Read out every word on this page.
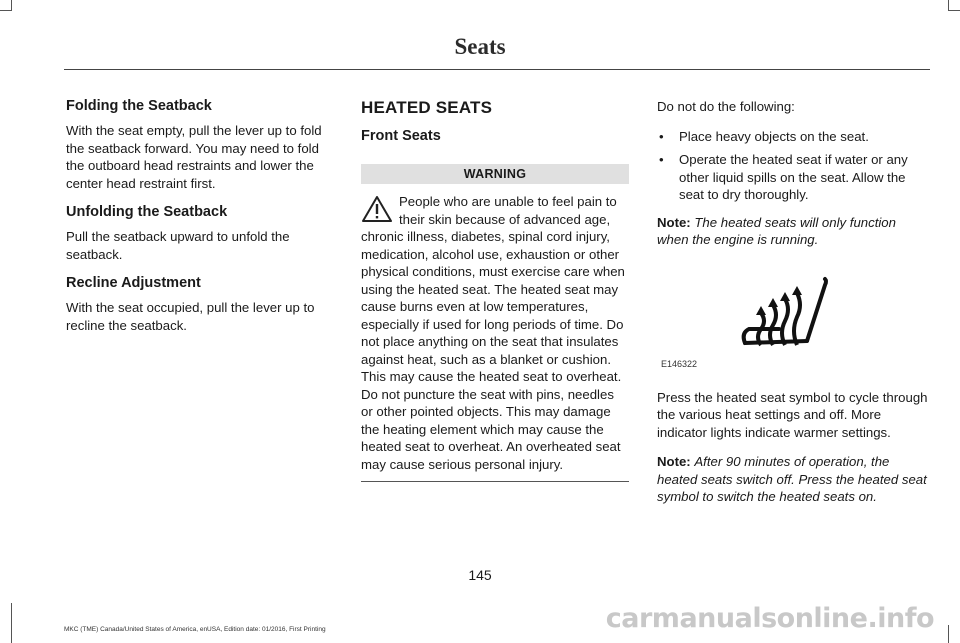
Seats
Folding the Seatback

With the seat empty, pull the lever up to fold the seatback forward. You may need to fold the outboard head restraints and lower the center head restraint first.

Unfolding the Seatback

Pull the seatback upward to unfold the seatback.

Recline Adjustment

With the seat occupied, pull the lever up to recline the seatback.

HEATED SEATS
Front Seats
WARNING
People who are unable to feel pain to their skin because of advanced age, chronic illness, diabetes, spinal cord injury, medication, alcohol use, exhaustion or other physical conditions, must exercise care when using the heated seat. The heated seat may cause burns even at low temperatures, especially if used for long periods of time. Do not place anything on the seat that insulates against heat, such as a blanket or cushion. This may cause the heated seat to overheat. Do not puncture the seat with pins, needles or other pointed objects. This may damage the heating element which may cause the heated seat to overheat. An overheated seat may cause serious personal injury.

Do not do the following:

• Place heavy objects on the seat.
• Operate the heated seat if water or any other liquid spills on the seat. Allow the seat to dry thoroughly.

Note: The heated seats will only function when the engine is running.

E146322

Press the heated seat symbol to cycle through the various heat settings and off. More indicator lights indicate warmer settings.

Note: After 90 minutes of operation, the heated seats switch off. Press the heated seat symbol to switch the heated seats on.

145
MKC (TME) Canada/United States of America, enUSA, Edition date: 01/2016, First Printing	carmanualsonline.info
